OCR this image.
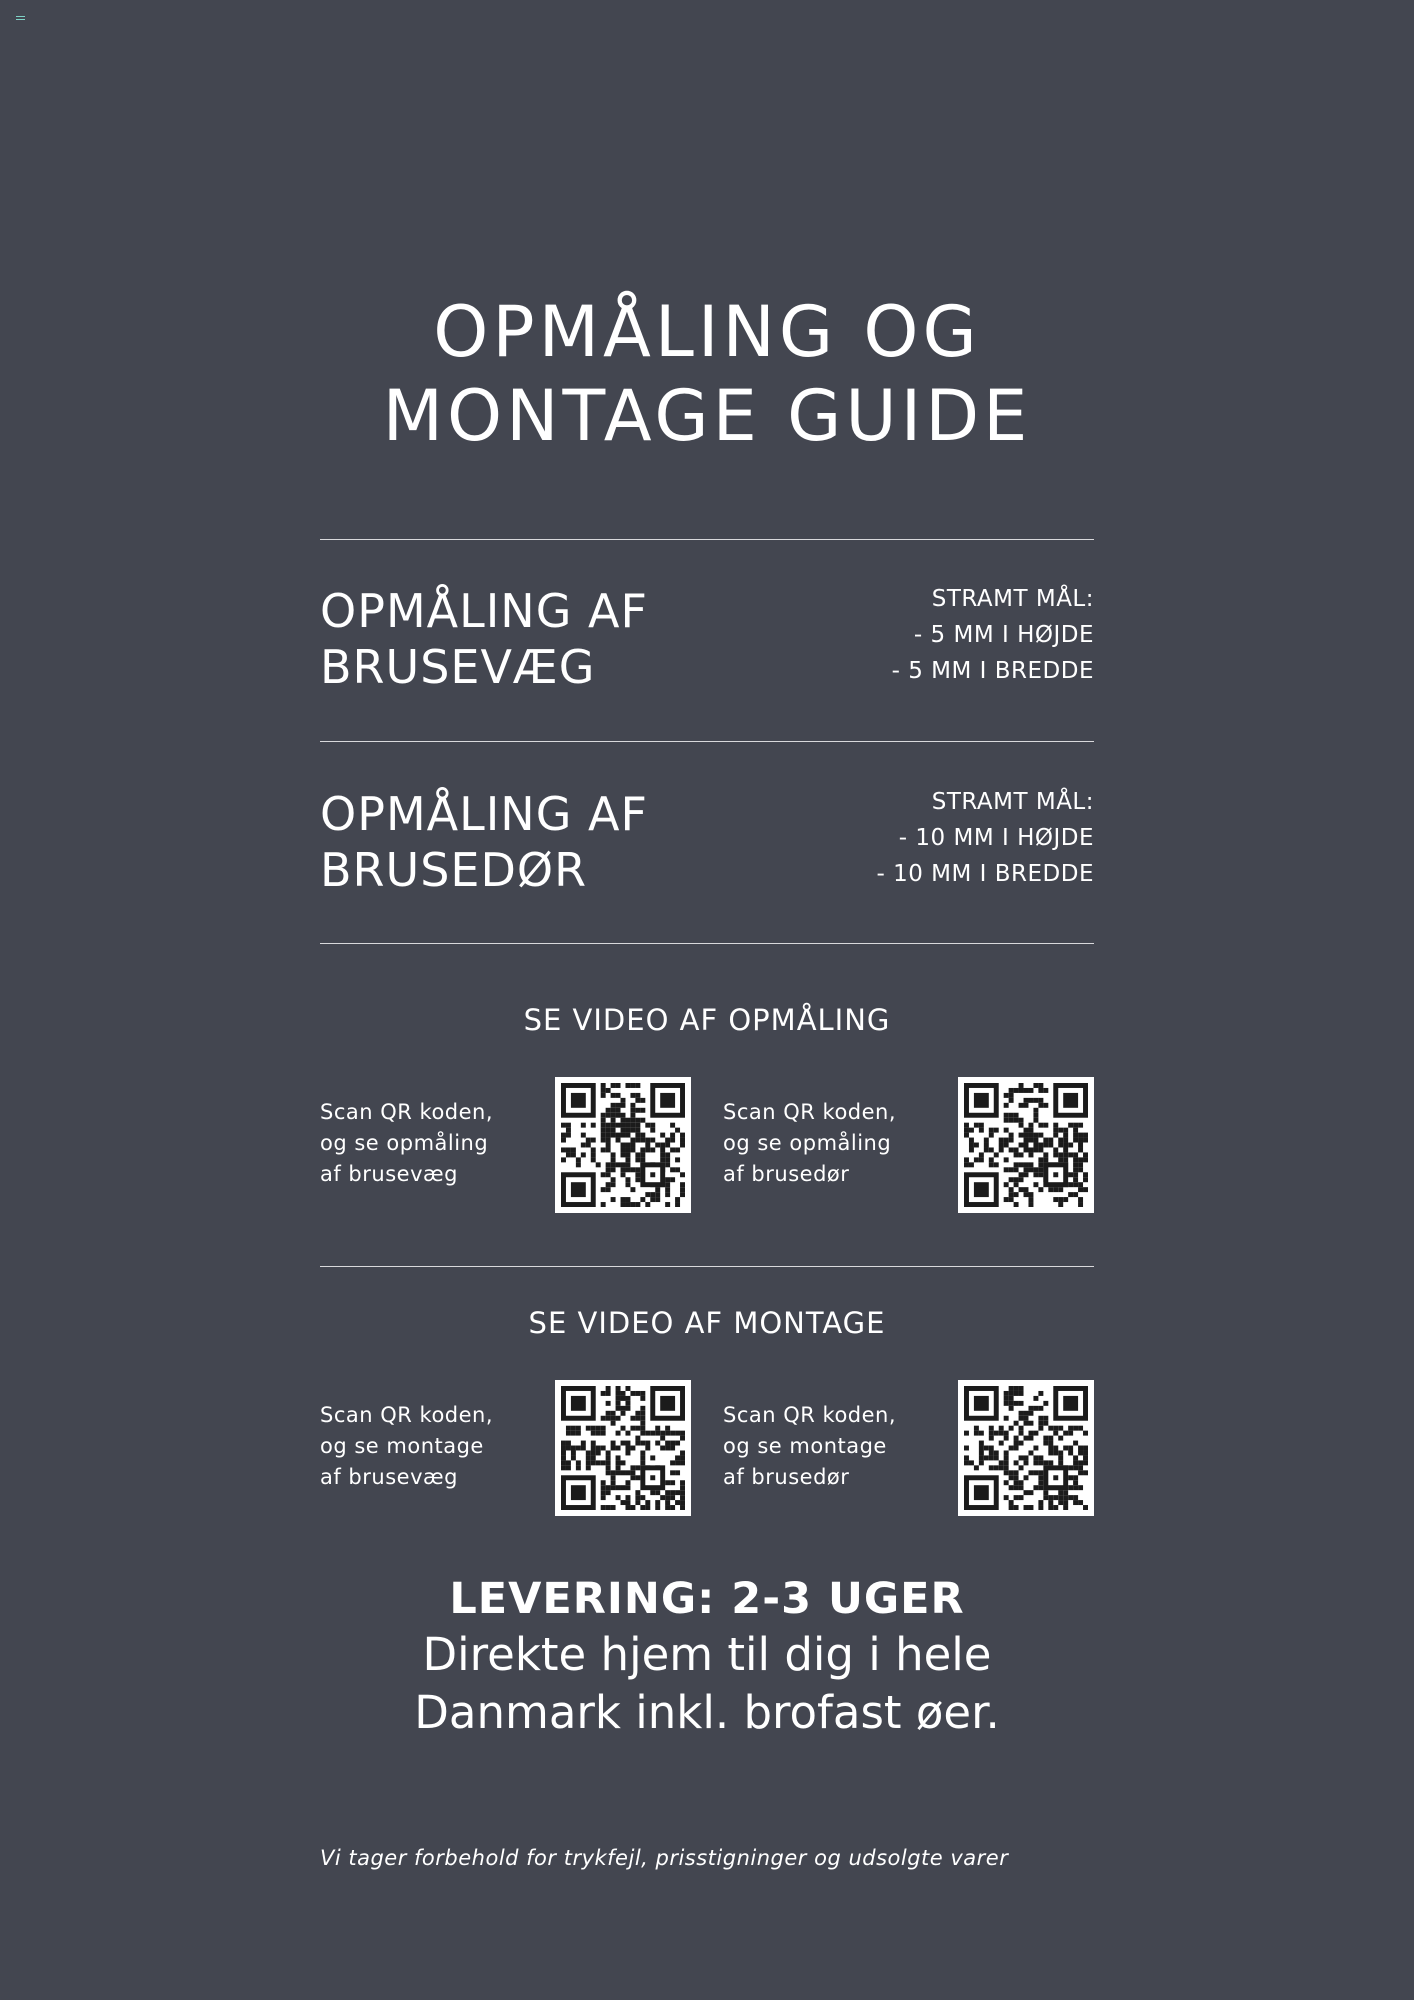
OPMÅLING OG
MONTAGE GUIDE
OPMÅLING AF
BRUSEVÆG
STRAMT MÅL:
- 5 MM I HØJDE
- 5 MM I BREDDE
OPMÅLING AF
BRUSEDØR
STRAMT MÅL:
- 10 MM I HØJDE
- 10 MM I BREDDE
SE VIDEO AF OPMÅLING
Scan QR koden,
og se opmåling
af brusevæg
Scan QR koden,
og se opmåling
af brusedør
SE VIDEO AF MONTAGE
Scan QR koden,
og se montage
af brusevæg
Scan QR koden,
og se montage
af brusedør
LEVERING: 2-3 UGER
Direkte hjem til dig i hele
Danmark inkl. brofast øer.
Vi tager forbehold for trykfejl, prisstigninger og udsolgte varer
